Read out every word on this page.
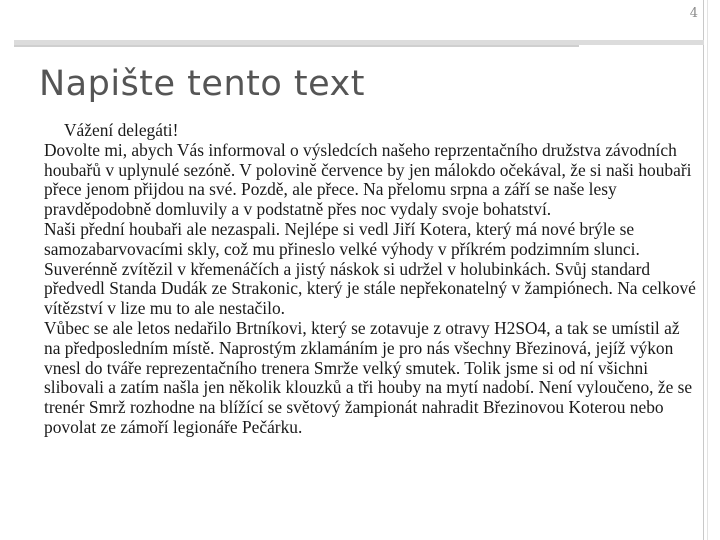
4
Napište tento text

Vážení delegáti!

Dovolte mi, abych Vás informoval o výsledcích našeho reprzentačního družstva závodních houbařů v uplynulé sezóně. V polovině července by jen málokdo očekával, že si naši houbaři přece jenom přijdou na své. Pozdě, ale přece. Na přelomu srpna a září se naše lesy pravděpodobně domluvily a v podstatně přes noc vydaly svoje bohatství.

Naši přední houbaři ale nezaspali. Nejlépe si vedl Jiří Kotera, který má nové brýle se samozabarvovacími skly, což mu přineslo velké výhody v příkrém podzimním slunci. Suverénně zvítězil v křemenáčích a jistý náskok si udržel v holubinkách. Svůj standard předvedl Standa Dudák ze Strakonic, který je stále nepřekonatelný v žampiónech. Na celkové vítězství v lize mu to ale nestačilo.

Vůbec se ale letos nedařilo Brtníkovi, který se zotavuje z otravy H2SO4, a tak se umístil až na předposledním místě. Naprostým zklamáním je pro nás všechny Březinová, jejíž výkon vnesl do tváře reprezentačního trenera Smrže velký smutek. Tolik jsme si od ní všichni slibovali a zatím našla jen několik klouzků a tři houby na mytí nadobí. Není vyloučeno, že se trenér Smrž rozhodne na blížící se světový žampionát nahradit Březinovou Koterou nebo povolat ze zámoří legionáře Pečárku.
